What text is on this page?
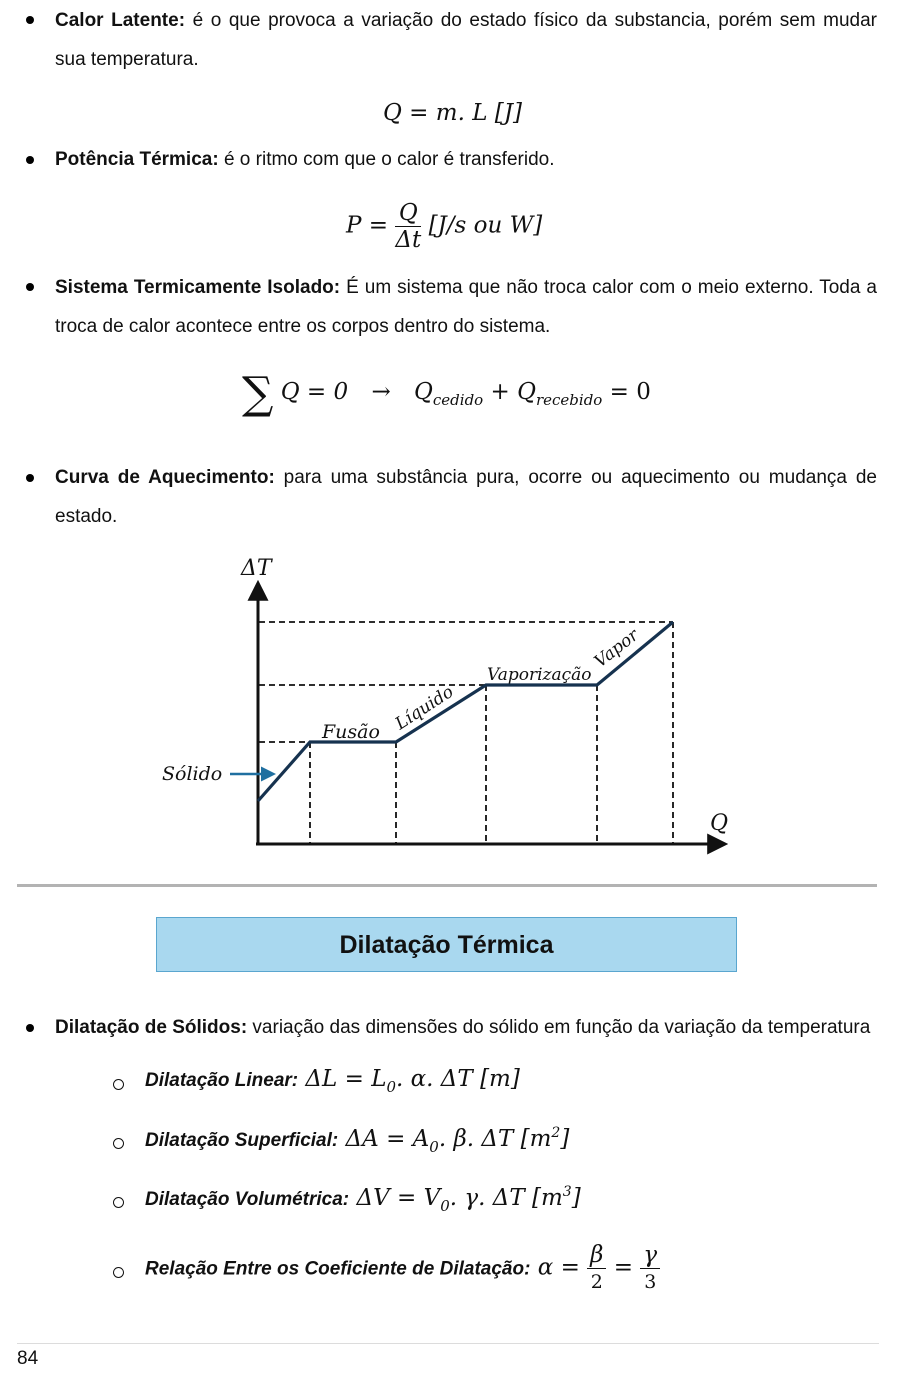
Calor Latente: é o que provoca a variação do estado físico da substancia, porém sem mudar sua temperatura.
Q = m. L [J]
Potência Térmica: é o ritmo com que o calor é transferido.
$P = \frac{Q}{\Delta t} [J/s$ ou W]
Sistema Termicamente Isolado: É um sistema que não troca calor com o meio externo. Toda a troca de calor acontece entre os corpos dentro do sistema.
∑ $Q = 0 \to Q_{cedido} + Q_{recebido} = 0$
Curva de Aquecimento: para uma substância pura, ocorre ou aquecimento ou mudança de estado.
ΔT
Q
Sólido
Fusão Líquido
Vaporização
Vapor
Dilatação Térmica
Dilatação de Sólidos: variação das dimensões do sólido em função da variação da temperatura
Dilatação Linear: $\Delta L = L_0$. α. ΔT [m]
Dilatação Superficial: $\Delta A = A_0$. β. ΔT $[m^2]$
Dilatação Volumétrica: $\Delta V = V_0$. γ. ΔT $[m^3]$
Relação Entre os Coeficiente de Dilatação: $\alpha = \frac{\beta}{2} = \frac{\gamma}{3}$
84
